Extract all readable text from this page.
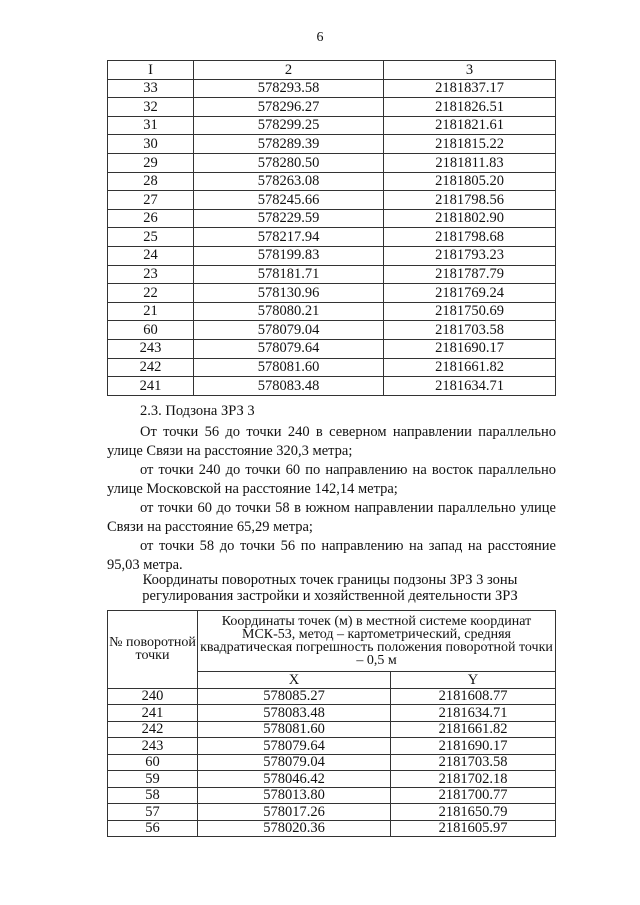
6
I	2	3
33	578293.58	2181837.17
32	578296.27	2181826.51
31	578299.25	2181821.61
30	578289.39	2181815.22
29	578280.50	2181811.83
28	578263.08	2181805.20
27	578245.66	2181798.56
26	578229.59	2181802.90
25	578217.94	2181798.68
24	578199.83	2181793.23
23	578181.71	2181787.79
22	578130.96	2181769.24
21	578080.21	2181750.69
60	578079.04	2181703.58
243	578079.64	2181690.17
242	578081.60	2181661.82
241	578083.48	2181634.71
2.3. Подзона ЗРЗ 3

От точки 56 до точки 240 в северном направлении параллельно улице Связи на расстояние 320,3 метра;

от точки 240 до точки 60 по направлению на восток параллельно улице Московской на расстояние 142,14 метра;

от точки 60 до точки 58 в южном направлении параллельно улице Связи на расстояние 65,29 метра;

от точки 58 до точки 56 по направлению на запад на расстояние 95,03 метра.

Координаты поворотных точек границы подзоны ЗРЗ 3 зоны регулирования застройки и хозяйственной деятельности ЗРЗ
№ поворотной точки	Координаты точек (м) в местной системе координат МСК-53, метод – картометрический, средняя квадратическая погрешность положения поворотной точки – 0,5 м	
	X	Y
240	578085.27	2181608.77
241	578083.48	2181634.71
242	578081.60	2181661.82
243	578079.64	2181690.17
60	578079.04	2181703.58
59	578046.42	2181702.18
58	578013.80	2181700.77
57	578017.26	2181650.79
56	578020.36	2181605.97
